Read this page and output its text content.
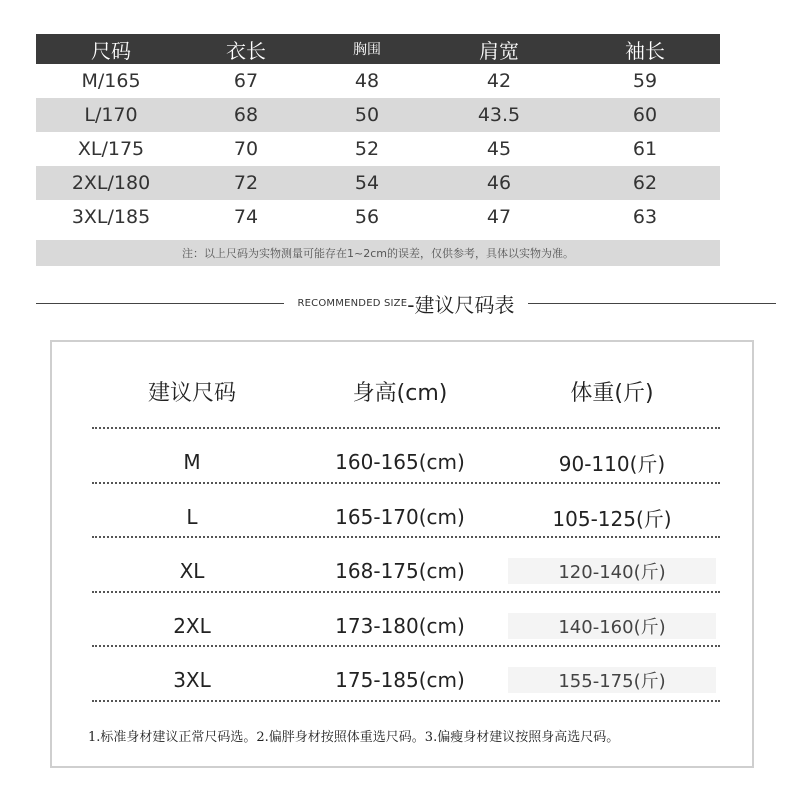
尺码	衣长	胸围	肩宽	袖长
M/165	67	48	42	59
L/170	68	50	43.5	60
XL/175	70	52	45	61
2XL/180	72	54	46	62
3XL/185	74	56	47	63
注：以上尺码为实物测量可能存在1~2cm的误差，仅供参考，具体以实物为准。
RECOMMENDED SIZE -建议尺码表
建议尺码	身高(cm)	体重(斤)
M	160-165(cm)	90-110(斤)
L	165-170(cm)	105-125(斤)
XL	168-175(cm)	120-140(斤)
2XL	173-180(cm)	140-160(斤)
3XL	175-185(cm)	155-175(斤)
1.标准身材建议正常尺码选。2.偏胖身材按照体重选尺码。3.偏瘦身材建议按照身高选尺码。
